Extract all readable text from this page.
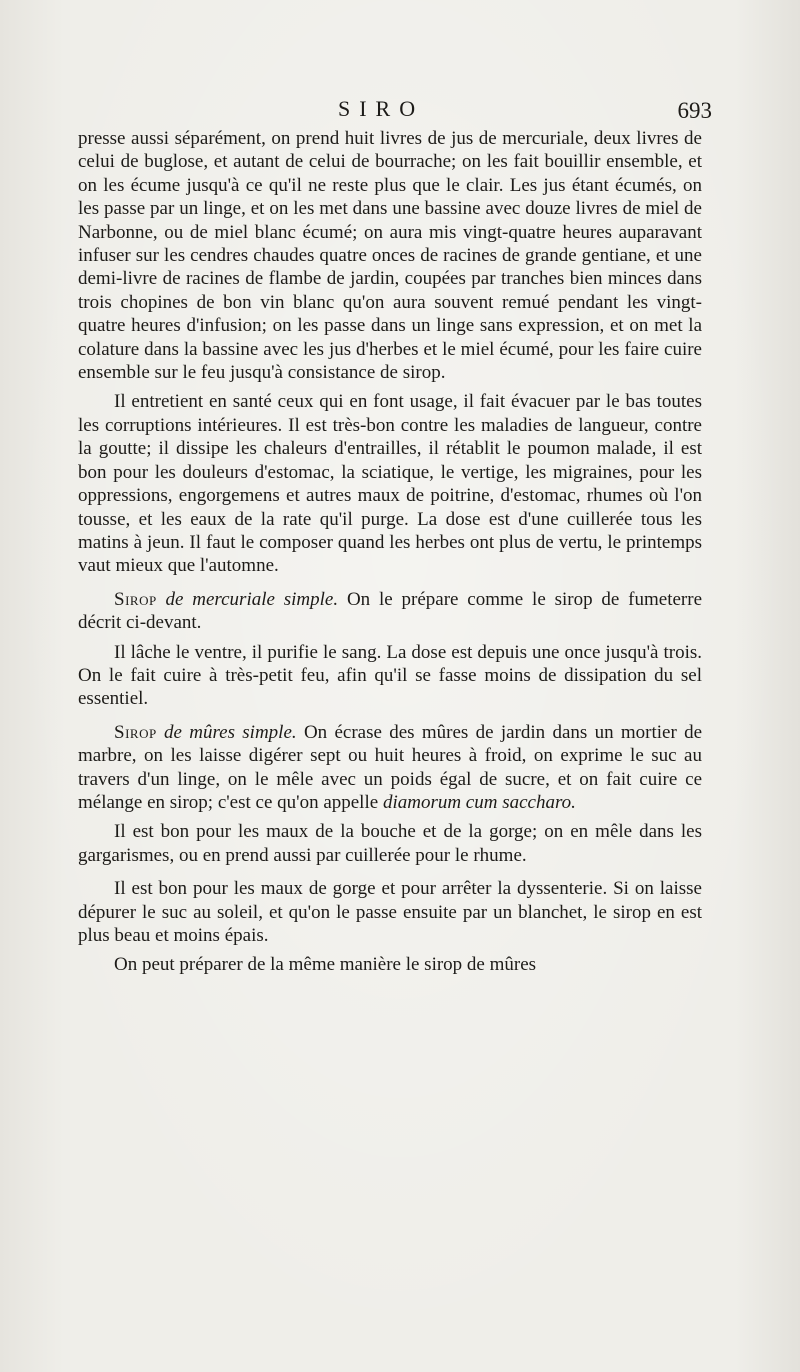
SIRO	693

presse aussi séparément, on prend huit livres de jus de mercuriale, deux livres de celui de buglose, et autant de celui de bourrache; on les fait bouillir ensemble, et on les écume jusqu'à ce qu'il ne reste plus que le clair. Les jus étant écumés, on les passe par un linge, et on les met dans une bassine avec douze livres de miel de Narbonne, ou de miel blanc écumé; on aura mis vingt-quatre heures auparavant infuser sur les cendres chaudes quatre onces de racines de grande gentiane, et une demi-livre de racines de flambe de jardin, coupées par tranches bien minces dans trois chopines de bon vin blanc qu'on aura souvent remué pendant les vingt-quatre heures d'infusion; on les passe dans un linge sans expression, et on met la colature dans la bassine avec les jus d'herbes et le miel écumé, pour les faire cuire ensemble sur le feu jusqu'à consistance de sirop.

Il entretient en santé ceux qui en font usage, il fait évacuer par le bas toutes les corruptions intérieures. Il est très-bon contre les maladies de langueur, contre la goutte; il dissipe les chaleurs d'entrailles, il rétablit le poumon malade, il est bon pour les douleurs d'estomac, la sciatique, le vertige, les migraines, pour les oppressions, engorgemens et autres maux de poitrine, d'estomac, rhumes où l'on tousse, et les eaux de la rate qu'il purge. La dose est d'une cuillerée tous les matins à jeun. Il faut le composer quand les herbes ont plus de vertu, le printemps vaut mieux que l'automne.

Sirop de mercuriale simple. On le prépare comme le sirop de fumeterre décrit ci-devant.

Il lâche le ventre, il purifie le sang. La dose est depuis une once jusqu'à trois. On le fait cuire à très-petit feu, afin qu'il se fasse moins de dissipation du sel essentiel.

Sirop de mûres simple. On écrase des mûres de jardin dans un mortier de marbre, on les laisse digérer sept ou huit heures à froid, on exprime le suc au travers d'un linge, on le mêle avec un poids égal de sucre, et on fait cuire ce mélange en sirop; c'est ce qu'on appelle diamorum cum saccharo.

Il est bon pour les maux de la bouche et de la gorge; on en mêle dans les gargarismes, ou en prend aussi par cuillerée pour le rhume.

Il est bon pour les maux de gorge et pour arrêter la dyssenterie. Si on laisse dépurer le suc au soleil, et qu'on le passe ensuite par un blanchet, le sirop en est plus beau et moins épais.

On peut préparer de la même manière le sirop de mûres
